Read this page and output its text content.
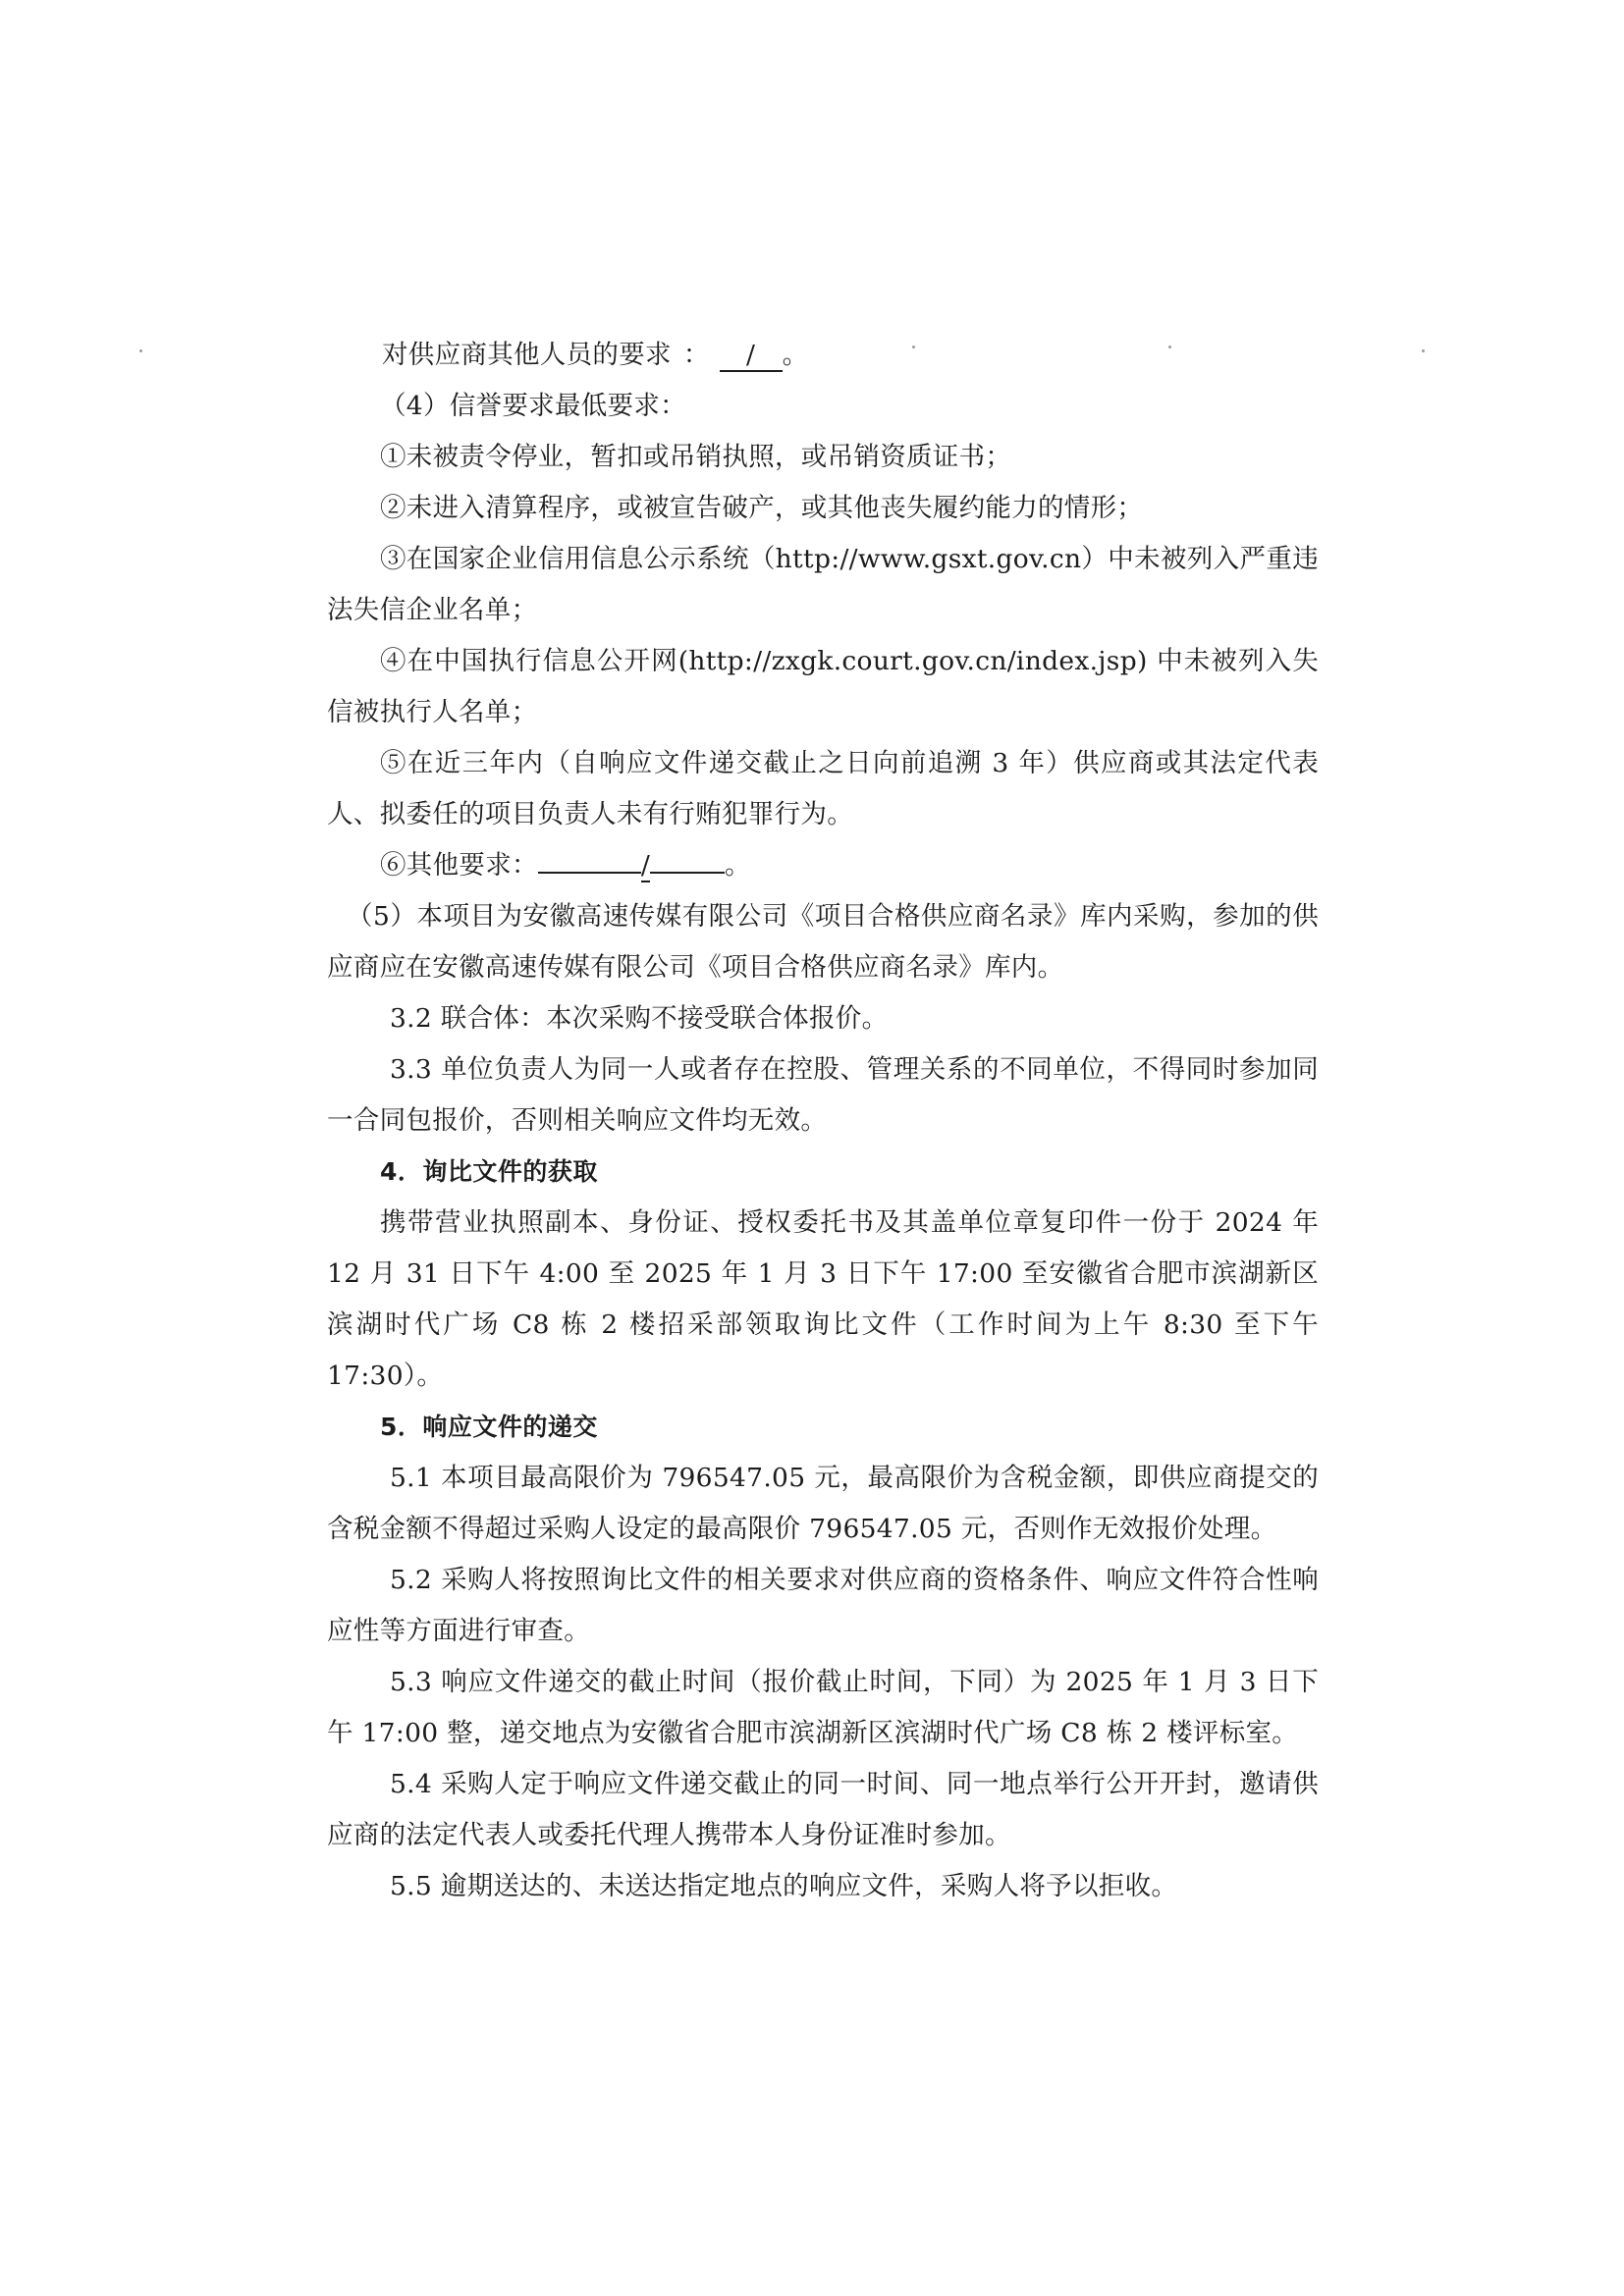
对供应商其他人员的要求 ： / 。

（4）信誉要求最低要求：

①未被责令停业，暂扣或吊销执照，或吊销资质证书；

②未进入清算程序，或被宣告破产，或其他丧失履约能力的情形；

③在国家企业信用信息公示系统（http://www.gsxt.gov.cn）中未被列入严重违法失信企业名单；

④在中国执行信息公开网(http://zxgk.court.gov.cn/index.jsp) 中未被列入失信被执行人名单；

⑤在近三年内（自响应文件递交截止之日向前追溯 3 年）供应商或其法定代表人、拟委任的项目负责人未有行贿犯罪行为。

⑥其他要求：	/	。

（5）本项目为安徽高速传媒有限公司《项目合格供应商名录》库内采购，参加的供应商应在安徽高速传媒有限公司《项目合格供应商名录》库内。

3.2 联合体：本次采购不接受联合体报价。

3.3 单位负责人为同一人或者存在控股、管理关系的不同单位，不得同时参加同一合同包报价，否则相关响应文件均无效。

4．询比文件的获取

携带营业执照副本、身份证、授权委托书及其盖单位章复印件一份于 2024 年 12 月 31 日下午 4:00 至 2025 年 1 月 3 日下午 17:00 至安徽省合肥市滨湖新区滨湖时代广场 C8 栋 2 楼招采部领取询比文件（工作时间为上午 8:30 至下午 17:30）。

5．响应文件的递交

5.1 本项目最高限价为 796547.05 元，最高限价为含税金额，即供应商提交的含税金额不得超过采购人设定的最高限价 796547.05 元，否则作无效报价处理。

5.2 采购人将按照询比文件的相关要求对供应商的资格条件、响应文件符合性响应性等方面进行审查。

5.3 响应文件递交的截止时间（报价截止时间，下同）为 2025 年 1 月 3 日下午 17:00 整，递交地点为安徽省合肥市滨湖新区滨湖时代广场 C8 栋 2 楼评标室。

5.4 采购人定于响应文件递交截止的同一时间、同一地点举行公开开封，邀请供应商的法定代表人或委托代理人携带本人身份证准时参加。

5.5 逾期送达的、未送达指定地点的响应文件，采购人将予以拒收。
